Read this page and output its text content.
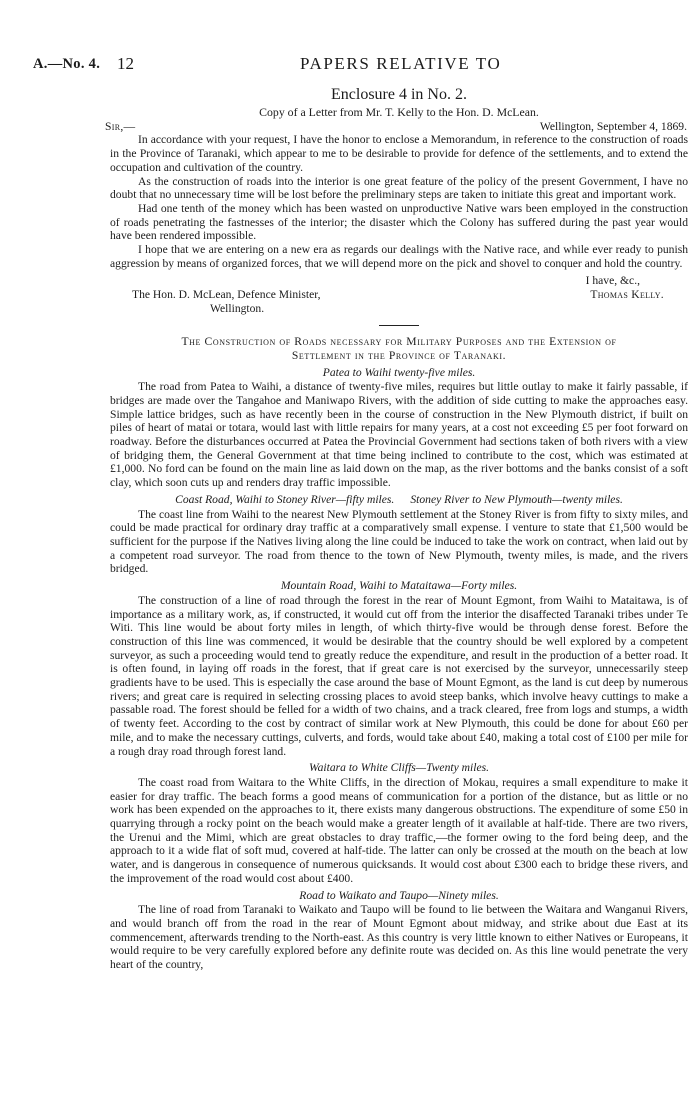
A.—No. 4. 12	PAPERS RELATIVE TO
Enclosure 4 in No. 2.
Copy of a Letter from Mr. T. Kelly to the Hon. D. McLean.
Sir,—	Wellington, September 4, 1869.

In accordance with your request, I have the honor to enclose a Memorandum, in reference to the construction of roads in the Province of Taranaki, which appear to me to be desirable to provide for defence of the settlements, and to extend the occupation and cultivation of the country.

As the construction of roads into the interior is one great feature of the policy of the present Government, I have no doubt that no unnecessary time will be lost before the preliminary steps are taken to initiate this great and important work.

Had one tenth of the money which has been wasted on unproductive Native wars been employed in the construction of roads penetrating the fastnesses of the interior; the disaster which the Colony has suffered during the past year would have been rendered impossible.

I hope that we are entering on a new era as regards our dealings with the Native race, and while ever ready to punish aggression by means of organized forces, that we will depend more on the pick and shovel to conquer and hold the country.

I have, &c.,
The Hon. D. McLean, Defence Minister,	Thomas Kelly.
Wellington.
The Construction of Roads necessary for Military Purposes and the Extension of
Settlement in the Province of Taranaki.
Patea to Waihi twenty-five miles.

The road from Patea to Waihi, a distance of twenty-five miles, requires but little outlay to make it fairly passable, if bridges are made over the Tangahoe and Maniwapo Rivers, with the addition of side cutting to make the approaches easy. Simple lattice bridges, such as have recently been in the course of construction in the New Plymouth district, if built on piles of heart of matai or totara, would last with little repairs for many years, at a cost not exceeding £5 per foot forward on roadway. Before the disturbances occurred at Patea the Provincial Government had sections taken of both rivers with a view of bridging them, the General Government at that time being inclined to contribute to the cost, which was estimated at £1,000. No ford can be found on the main line as laid down on the map, as the river bottoms and the banks consist of a soft clay, which soon cuts up and renders dray traffic impossible.

Coast Road, Waihi to Stoney River—fifty miles. Stoney River to New Plymouth—twenty miles.

The coast line from Waihi to the nearest New Plymouth settlement at the Stoney River is from fifty to sixty miles, and could be made practical for ordinary dray traffic at a comparatively small expense. I venture to state that £1,500 would be sufficient for the purpose if the Natives living along the line could be induced to take the work on contract, when laid out by a competent road surveyor. The road from thence to the town of New Plymouth, twenty miles, is made, and the rivers bridged.

Mountain Road, Waihi to Mataitawa—Forty miles.

The construction of a line of road through the forest in the rear of Mount Egmont, from Waihi to Mataitawa, is of importance as a military work, as, if constructed, it would cut off from the interior the disaffected Taranaki tribes under Te Witi. This line would be about forty miles in length, of which thirty-five would be through dense forest. Before the construction of this line was commenced, it would be desirable that the country should be well explored by a competent surveyor, as such a proceeding would tend to greatly reduce the expenditure, and result in the production of a better road. It is often found, in laying off roads in the forest, that if great care is not exercised by the surveyor, unnecessarily steep gradients have to be used. This is especially the case around the base of Mount Egmont, as the land is cut deep by numerous rivers; and great care is required in selecting crossing places to avoid steep banks, which involve heavy cuttings to make a passable road. The forest should be felled for a width of two chains, and a track cleared, free from logs and stumps, a width of twenty feet. According to the cost by contract of similar work at New Plymouth, this could be done for about £60 per mile, and to make the necessary cuttings, culverts, and fords, would take about £40, making a total cost of £100 per mile for a rough dray road through forest land.

Waitara to White Cliffs—Twenty miles.

The coast road from Waitara to the White Cliffs, in the direction of Mokau, requires a small expenditure to make it easier for dray traffic. The beach forms a good means of communication for a portion of the distance, but as little or no work has been expended on the approaches to it, there exists many dangerous obstructions. The expenditure of some £50 in quarrying through a rocky point on the beach would make a greater length of it available at half-tide. There are two rivers, the Urenui and the Mimi, which are great obstacles to dray traffic,—the former owing to the ford being deep, and the approach to it a wide flat of soft mud, covered at half-tide. The latter can only be crossed at the mouth on the beach at low water, and is dangerous in consequence of numerous quicksands. It would cost about £300 each to bridge these rivers, and the improvement of the road would cost about £400.

Road to Waikato and Taupo—Ninety miles.

The line of road from Taranaki to Waikato and Taupo will be found to lie between the Waitara and Wanganui Rivers, and would branch off from the road in the rear of Mount Egmont about midway, and strike about due East at its commencement, afterwards trending to the North-east. As this country is very little known to either Natives or Europeans, it would require to be very carefully explored before any definite route was decided on. As this line would penetrate the very heart of the country,
